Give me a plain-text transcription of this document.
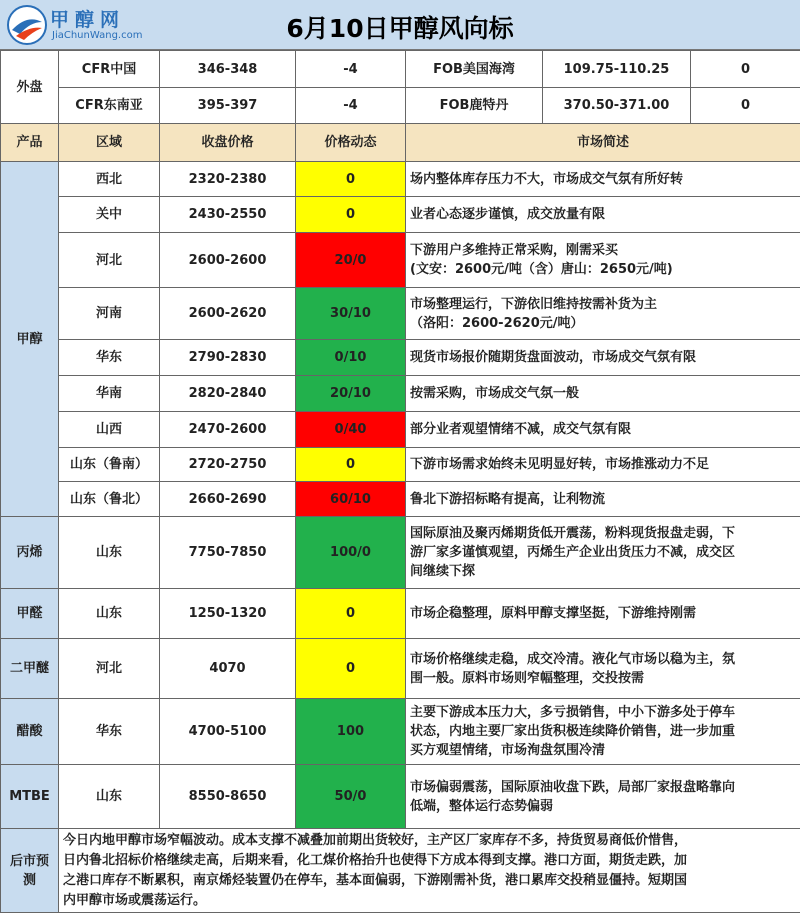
甲醇网
JiaChunWang.com	6月10日甲醇风向标
外盘	CFR中国	346-348	-4	FOB美国海湾	109.75-110.25	0
	CFR东南亚	395-397	-4	FOB鹿特丹	370.50-371.00	0
产品	区域	收盘价格	价格动态	市场简述
甲醇	西北	2320-2380	0	场内整体库存压力不大，市场成交气氛有所好转

	关中	2430-2550	0	业者心态逐步谨慎，成交放量有限

	河北	2600-2600	20/0	下游用户多维持正常采购，刚需采买
(文安：2600元/吨（含）唐山：2650元/吨)

	河南	2600-2620	30/10	市场整理运行，下游依旧维持按需补货为主
（洛阳：2600-2620元/吨）

	华东	2790-2830	0/10	现货市场报价随期货盘面波动，市场成交气氛有限

	华南	2820-2840	20/10	按需采购，市场成交气氛一般

	山西	2470-2600	0/40	部分业者观望情绪不减，成交气氛有限

	山东（鲁南）	2720-2750	0	下游市场需求始终未见明显好转，市场推涨动力不足

	山东（鲁北）	2660-2690	60/10	鲁北下游招标略有提高，让利物流

丙烯	山东	7750-7850	100/0	国际原油及聚丙烯期货低开震荡，粉料现货报盘走弱，下
游厂家多谨慎观望，丙烯生产企业出货压力不减，成交区
间继续下探

甲醛	山东	1250-1320	0	市场企稳整理，原料甲醇支撑坚挺，下游维持刚需

二甲醚	河北	4070	0	市场价格继续走稳，成交冷清。液化气市场以稳为主，氛
围一般。原料市场则窄幅整理，交投按需

醋酸	华东	4700-5100	100	主要下游成本压力大，多亏损销售，中小下游多处于停车
状态，内地主要厂家出货积极连续降价销售，进一步加重
买方观望情绪，市场洵盘氛围冷清

MTBE	山东	8550-8650	50/0	市场偏弱震荡，国际原油收盘下跌，局部厂家报盘略靠向
低端，整体运行态势偏弱

后市预测	今日内地甲醇市场窄幅波动。成本支撑不减叠加前期出货较好，主产区厂家库存不多，持货贸易商低价惜售，
日内鲁北招标价格继续走高，后期来看，化工煤价格抬升也使得下方成本得到支撑。港口方面，期货走跌，加
之港口库存不断累积，南京烯烃装置仍在停车，基本面偏弱，下游刚需补货，港口累库交投稍显僵持。短期国
内甲醇市场或震荡运行。			
